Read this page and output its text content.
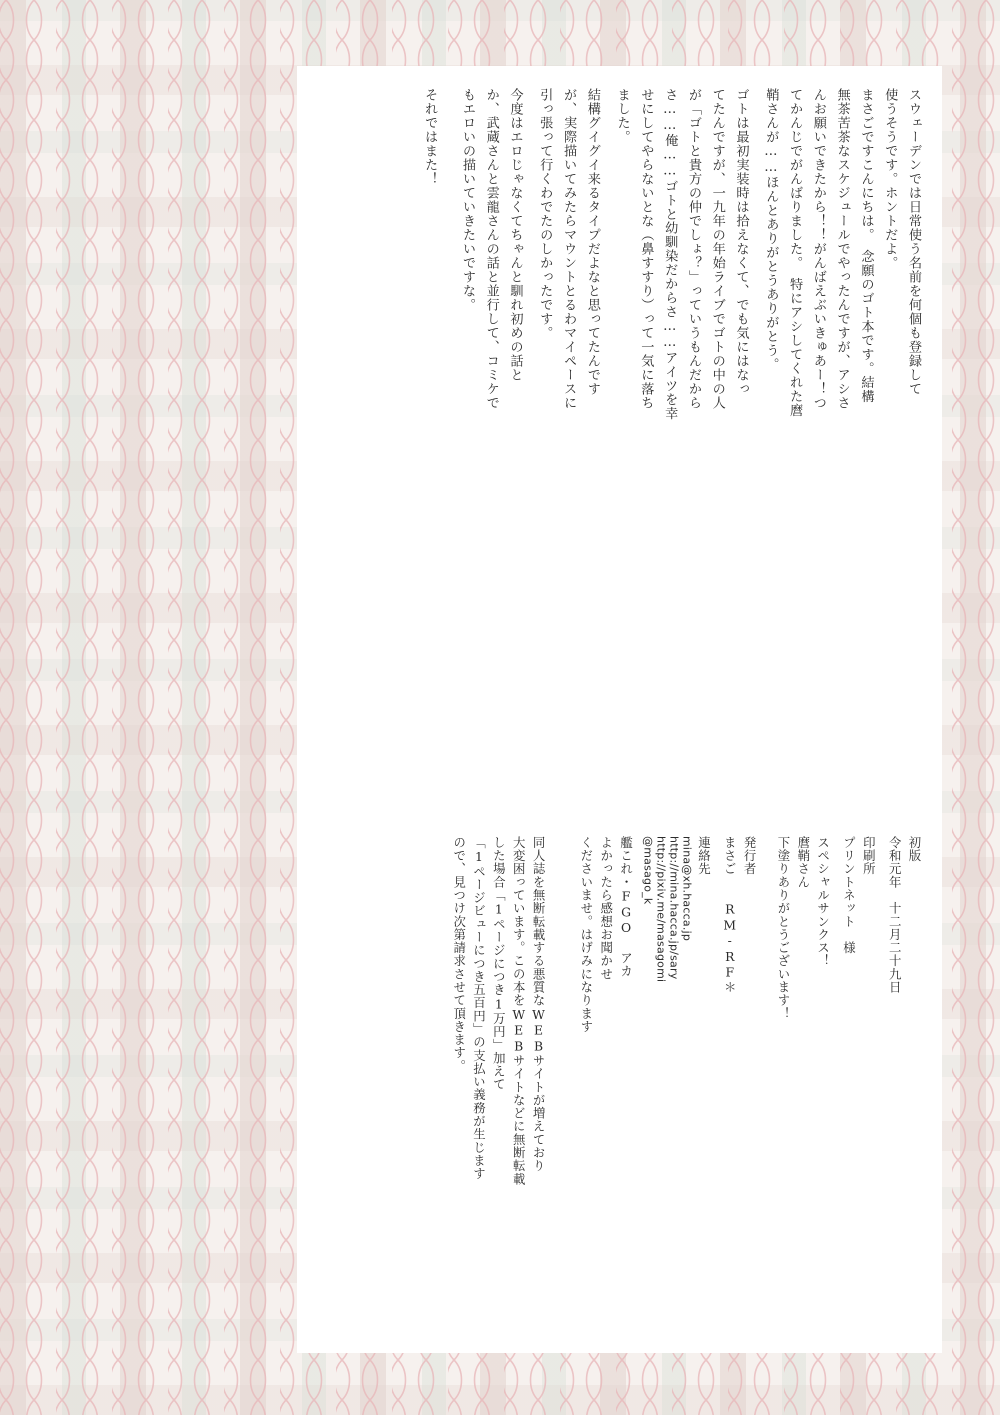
スウェーデンでは日常使う名前を何個も登録して
使うそうです。ホントだよ。
まさごですこんにちは。　念願のゴト本です。結構
無茶苦茶なスケジュールでやったんですが、アシさ
んお願いできたから！！がんばえぶいきゅあー！つ
てかんじでがんばりました。　特にアシしてくれた麿
鞘さんが……ほんとありがとうありがとう。
ゴトは最初実装時は拾えなくて、でも気にはなっ
てたんですが、一九年の年始ライブでゴトの中の人
が「ゴトと貴方の仲でしょ？」っていうもんだから
さ……俺……ゴトと幼馴染だからさ……アイツを幸
せにしてやらないとな（鼻すすり）って一気に落ち
ました。
結構グイグイ来るタイプだよなと思ってたんです
が、実際描いてみたらマウントとるわマイペースに
引っ張って行くわでたのしかったです。
今度はエロじゃなくてちゃんと馴れ初めの話と
か、武蔵さんと雲龍さんの話と並行して、コミケで
もエロいの描いていきたいですな。
それではまた！
初版
令和元年　十二月二十九日
印刷所
プリントネット　様
スペシャルサンクス！
麿鞘さん
下塗りありがとうございます！
発行者
まさご　　RM-RF＊
連絡先
mina@xh.hacca.jp
http://mina.hacca.jp/sary
http://pixiv.me/masagomi
@masago_k
艦これ・FGO アカ
よかったら感想お聞かせ
くださいませ。はげみになります
同人誌を無断転載する悪質なWEBサイトが増えており
大変困っています。この本をWEBサイトなどに無断転載
した場合「1ページにつき1万円」加えて
「1ページビューにつき五百円」の支払い義務が生じます
ので、見つけ次第請求させて頂きます。
